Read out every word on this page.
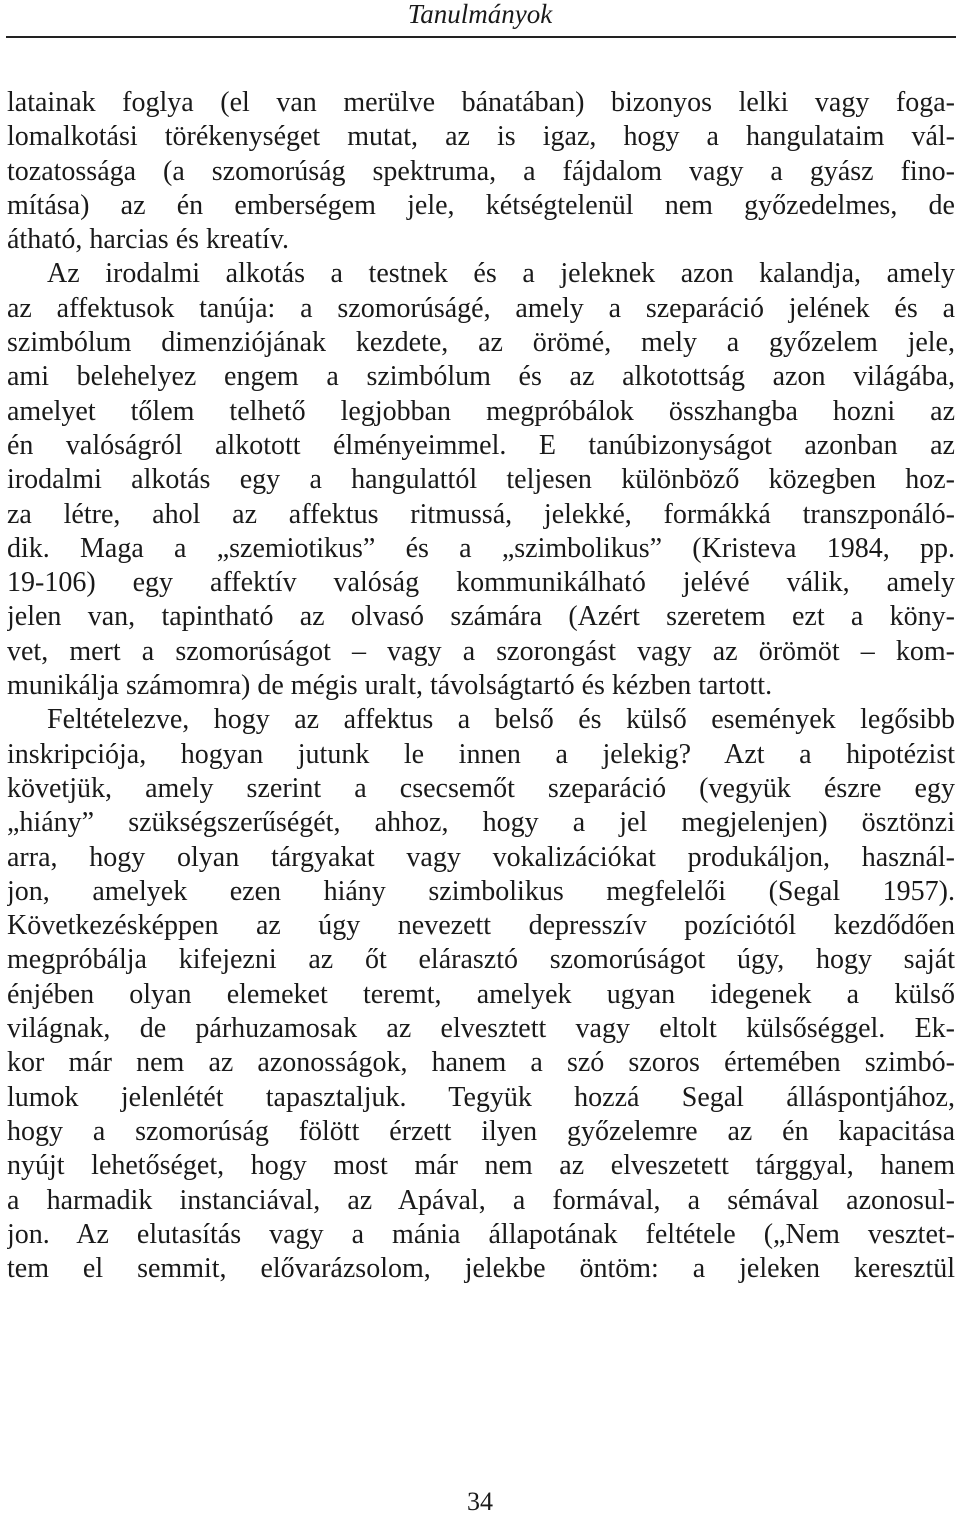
Tanulmányok
latainak foglya (el van merülve bánatában) bizonyos lelki vagy foga-
lomalkotási törékenységet mutat, az is igaz, hogy a hangulataim vál-
tozatossága (a szomorúság spektruma, a fájdalom vagy a gyász fino-
mítása) az én emberségem jele, kétségtelenül nem győzedelmes, de
átható, harcias és kreatív.
Az irodalmi alkotás a testnek és a jeleknek azon kalandja, amely
az affektusok tanúja: a szomorúságé, amely a szeparáció jelének és a
szimbólum dimenziójának kezdete, az örömé, mely a győzelem jele,
ami belehelyez engem a szimbólum és az alkotottság azon világába,
amelyet tőlem telhető legjobban megpróbálok összhangba hozni az
én valóságról alkotott élményeimmel. E tanúbizonyságot azonban az
irodalmi alkotás egy a hangulattól teljesen különböző közegben hoz-
za létre, ahol az affektus ritmussá, jelekké, formákká transzponáló-
dik. Maga a „szemiotikus” és a „szimbolikus” (Kristeva 1984, pp.
19-106) egy affektív valóság kommunikálható jelévé válik, amely
jelen van, tapintható az olvasó számára (Azért szeretem ezt a köny-
vet, mert a szomorúságot – vagy a szorongást vagy az örömöt – kom-
munikálja számomra) de mégis uralt, távolságtartó és kézben tartott.
Feltételezve, hogy az affektus a belső és külső események legősibb
inskripciója, hogyan jutunk le innen a jelekig? Azt a hipotézist
követjük, amely szerint a csecsemőt szeparáció (vegyük észre egy
„hiány” szükségszerűségét, ahhoz, hogy a jel megjelenjen) ösztönzi
arra, hogy olyan tárgyakat vagy vokalizációkat produkáljon, használ-
jon, amelyek ezen hiány szimbolikus megfelelői (Segal 1957).
Következésképpen az úgy nevezett depresszív pozíciótól kezdődően
megpróbálja kifejezni az őt elárasztó szomorúságot úgy, hogy saját
énjében olyan elemeket teremt, amelyek ugyan idegenek a külső
világnak, de párhuzamosak az elvesztett vagy eltolt külsőséggel. Ek-
kor már nem az azonosságok, hanem a szó szoros értemében szimbó-
lumok jelenlétét tapasztaljuk. Tegyük hozzá Segal álláspontjához,
hogy a szomorúság fölött érzett ilyen győzelemre az én kapacitása
nyújt lehetőséget, hogy most már nem az elveszetett tárggyal, hanem
a harmadik instanciával, az Apával, a formával, a sémával azonosul-
jon. Az elutasítás vagy a mánia állapotának feltétele („Nem vesztet-
tem el semmit, elővarázsolom, jelekbe öntöm: a jeleken keresztül
34
